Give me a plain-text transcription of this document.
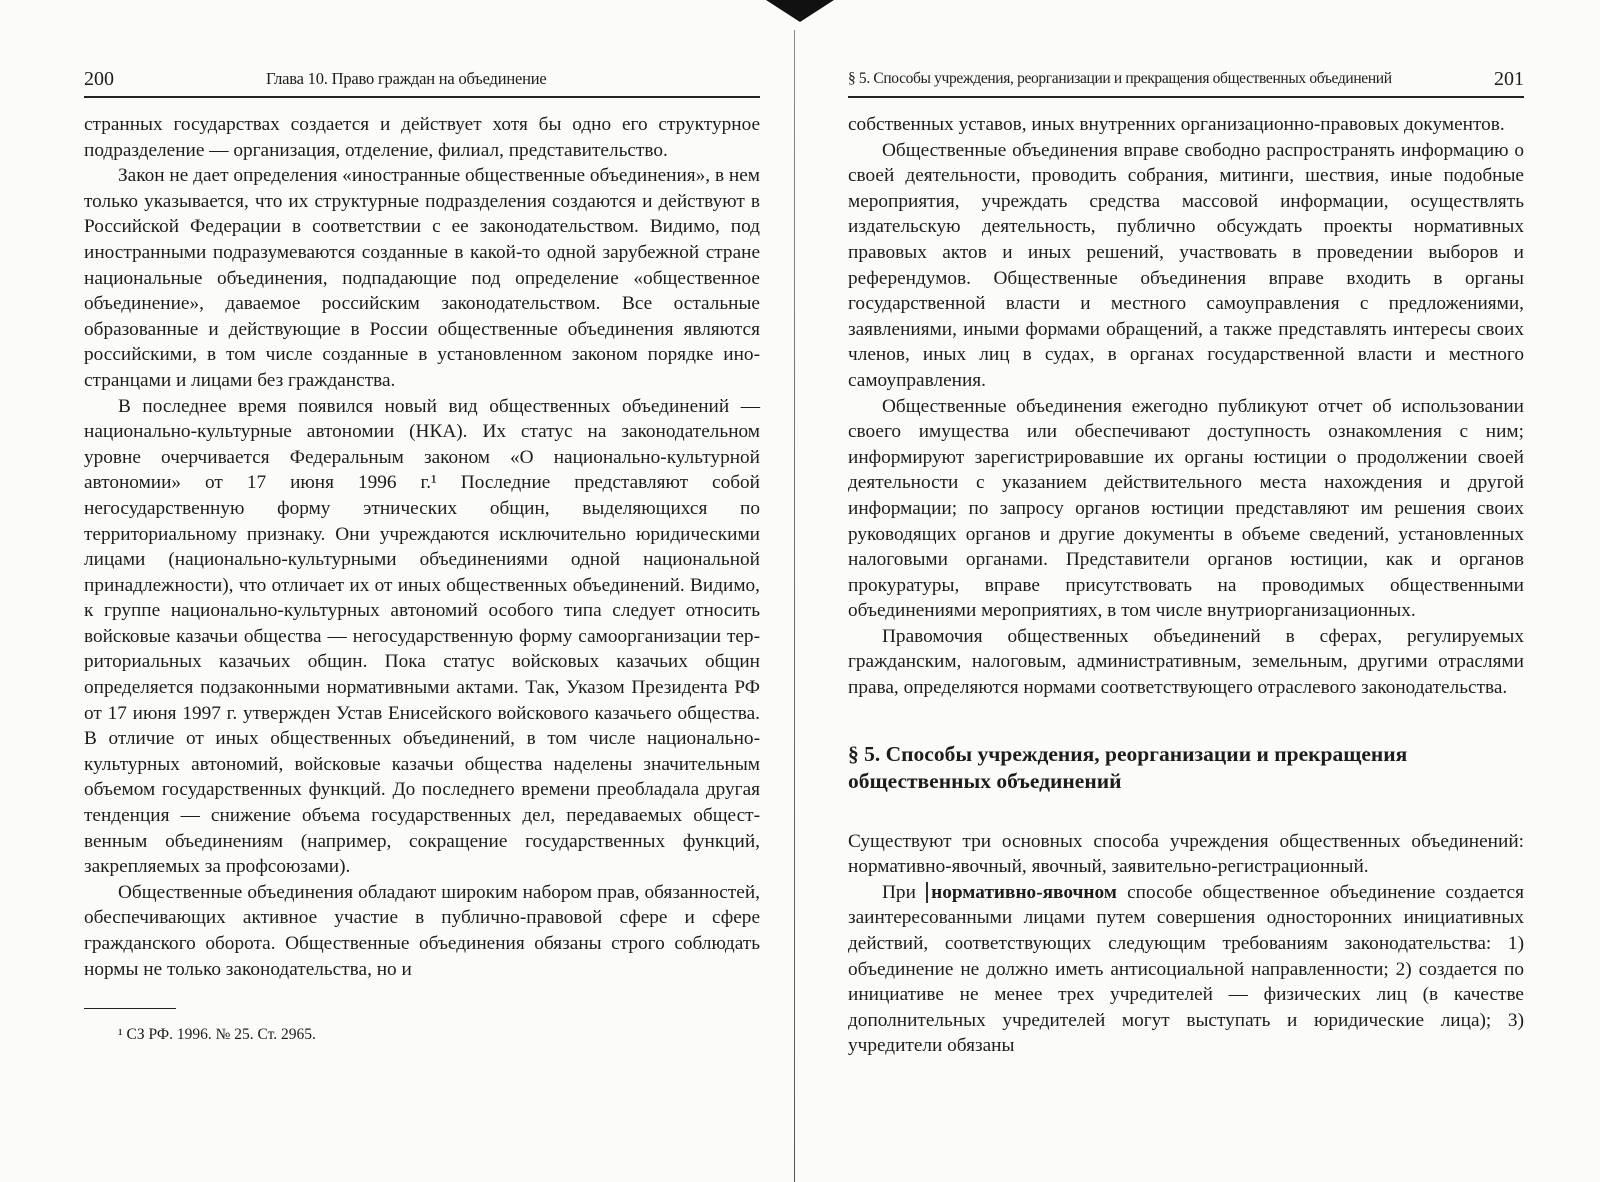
200	Глава 10. Право граждан на объединение

странных государствах создается и действует хотя бы одно его структурное подразделение — организация, отделение, филиал, представительство.

Закон не дает определения «иностранные общественные объединения», в нем только указывается, что их структурные подразделения создаются и действуют в Российской Федерации в соответствии с ее законодательством. Видимо, под иностранными подразумеваются созданные в какой-то одной зарубежной стране национальные объединения, подпадающие под определение «общественное объединение», даваемое российским законодательством. Все остальные образованные и действующие в России общественные объединения являются российскими, в том числе созданные в установленном законом порядке иностранцами и лицами без гражданства.

В последнее время появился новый вид общественных объединений — национально-культурные автономии (НКА). Их статус на законодательном уровне очерчивается Федеральным законом «О национально-культурной автономии» от 17 июня 1996 г.¹ Последние представляют собой негосударственную форму этнических общин, выделяющихся по территориальному признаку. Они учреждаются исключительно юридическими лицами (национально-культурными объединениями одной национальной принадлежности), что отличает их от иных общественных объединений. Видимо, к группе национально-культурных автономий особого типа следует относить войсковые казачьи общества — негосударственную форму самоорганизации территориальных казачьих общин. Пока статус войсковых казачьих общин определяется подзаконными нормативными актами. Так, Указом Президента РФ от 17 июня 1997 г. утвержден Устав Енисейского войскового казачьего общества. В отличие от иных общественных объединений, в том числе национально-культурных автономий, войсковые казачьи общества наделены значительным объемом государственных функций. До последнего времени преобладала другая тенденция — снижение объема государственных дел, передаваемых общественным объединениям (например, сокращение государственных функций, закрепляемых за профсоюзами).

Общественные объединения обладают широким набором прав, обязанностей, обеспечивающих активное участие в публично-правовой сфере и сфере гражданского оборота. Общественные объединения обязаны строго соблюдать нормы не только законодательства, но и

¹ СЗ РФ. 1996. № 25. Ст. 2965.
§ 5. Способы учреждения, реорганизации и прекращения общественных объединений	201

собственных уставов, иных внутренних организационно-правовых документов.

Общественные объединения вправе свободно распространять информацию о своей деятельности, проводить собрания, митинги, шествия, иные подобные мероприятия, учреждать средства массовой информации, осуществлять издательскую деятельность, публично обсуждать проекты нормативных правовых актов и иных решений, участвовать в проведении выборов и референдумов. Общественные объединения вправе входить в органы государственной власти и местного самоуправления с предложениями, заявлениями, иными формами обращений, а также представлять интересы своих членов, иных лиц в судах, в органах государственной власти и местного самоуправления.

Общественные объединения ежегодно публикуют отчет об использовании своего имущества или обеспечивают доступность ознакомления с ним; информируют зарегистрировавшие их органы юстиции о продолжении своей деятельности с указанием действительного места нахождения и другой информации; по запросу органов юстиции представляют им решения своих руководящих органов и другие документы в объеме сведений, установленных налоговыми органами. Представители органов юстиции, как и органов прокуратуры, вправе присутствовать на проводимых общественными объединениями мероприятиях, в том числе внутриорганизационных.

Правомочия общественных объединений в сферах, регулируемых гражданским, налоговым, административным, земельным, другими отраслями права, определяются нормами соответствующего отраслевого законодательства.

§ 5. Способы учреждения, реорганизации и прекращения общественных объединений

Существуют три основных способа учреждения общественных объединений: нормативно-явочный, явочный, заявительно-регистрационный.

При нормативно-явочном способе общественное объединение создается заинтересованными лицами путем совершения односторонних инициативных действий, соответствующих следующим требованиям законодательства: 1) объединение не должно иметь антисоциальной направленности; 2) создается по инициативе не менее трех учредителей — физических лиц (в качестве дополнительных учредителей могут выступать и юридические лица); 3) учредители обязаны
